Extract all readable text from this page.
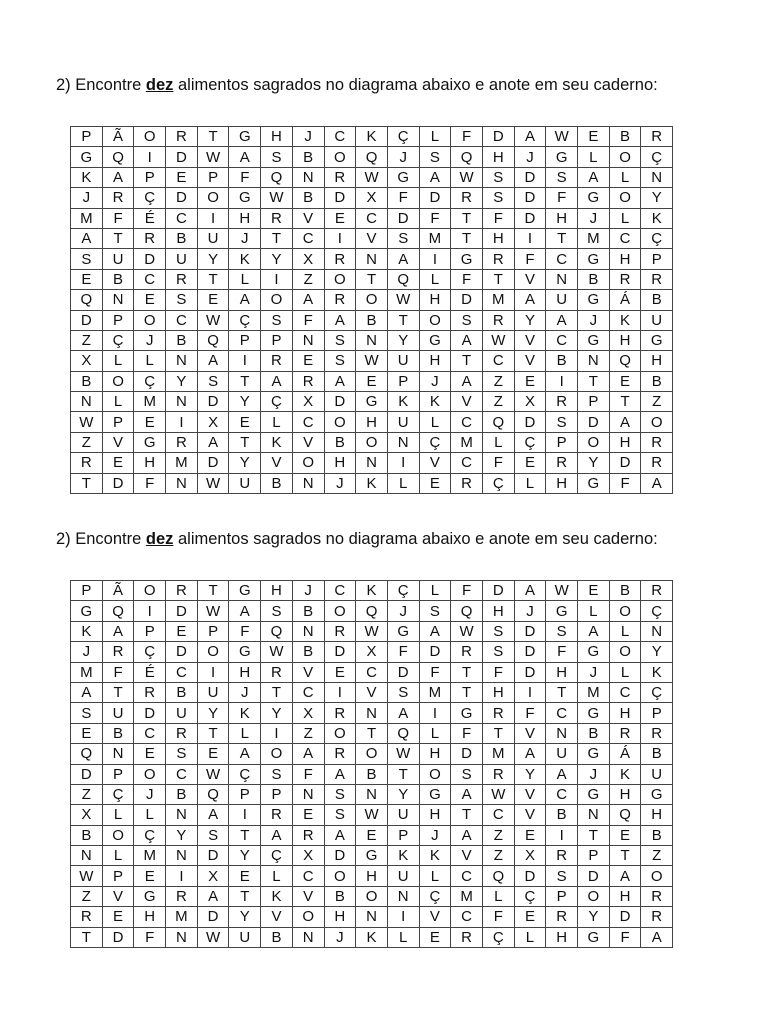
2) Encontre dez alimentos sagrados no diagrama abaixo e anote em seu caderno:
P	Ã	O	R	T	G	H	J	C	K	Ç	L	F	D	A	W	E	B	R
G	Q	I	D	W	A	S	B	O	Q	J	S	Q	H	J	G	L	O	Ç
K	A	P	E	P	F	Q	N	R	W	G	A	W	S	D	S	A	L	N
J	R	Ç	D	O	G	W	B	D	X	F	D	R	S	D	F	G	O	Y
M	F	É	C	I	H	R	V	E	C	D	F	T	F	D	H	J	L	K
A	T	R	B	U	J	T	C	I	V	S	M	T	H	I	T	M	C	Ç
S	U	D	U	Y	K	Y	X	R	N	A	I	G	R	F	C	G	H	P
E	B	C	R	T	L	I	Z	O	T	Q	L	F	T	V	N	B	R	R
Q	N	E	S	E	A	O	A	R	O	W	H	D	M	A	U	G	Á	B
D	P	O	C	W	Ç	S	F	A	B	T	O	S	R	Y	A	J	K	U
Z	Ç	J	B	Q	P	P	N	S	N	Y	G	A	W	V	C	G	H	G
X	L	L	N	A	I	R	E	S	W	U	H	T	C	V	B	N	Q	H
B	O	Ç	Y	S	T	A	R	A	E	P	J	A	Z	E	I	T	E	B
N	L	M	N	D	Y	Ç	X	D	G	K	K	V	Z	X	R	P	T	Z
W	P	E	I	X	E	L	C	O	H	U	L	C	Q	D	S	D	A	O
Z	V	G	R	A	T	K	V	B	O	N	Ç	M	L	Ç	P	O	H	R
R	E	H	M	D	Y	V	O	H	N	I	V	C	F	E	R	Y	D	R
T	D	F	N	W	U	B	N	J	K	L	E	R	Ç	L	H	G	F	A
2) Encontre dez alimentos sagrados no diagrama abaixo e anote em seu caderno:
P	Ã	O	R	T	G	H	J	C	K	Ç	L	F	D	A	W	E	B	R
G	Q	I	D	W	A	S	B	O	Q	J	S	Q	H	J	G	L	O	Ç
K	A	P	E	P	F	Q	N	R	W	G	A	W	S	D	S	A	L	N
J	R	Ç	D	O	G	W	B	D	X	F	D	R	S	D	F	G	O	Y
M	F	É	C	I	H	R	V	E	C	D	F	T	F	D	H	J	L	K
A	T	R	B	U	J	T	C	I	V	S	M	T	H	I	T	M	C	Ç
S	U	D	U	Y	K	Y	X	R	N	A	I	G	R	F	C	G	H	P
E	B	C	R	T	L	I	Z	O	T	Q	L	F	T	V	N	B	R	R
Q	N	E	S	E	A	O	A	R	O	W	H	D	M	A	U	G	Á	B
D	P	O	C	W	Ç	S	F	A	B	T	O	S	R	Y	A	J	K	U
Z	Ç	J	B	Q	P	P	N	S	N	Y	G	A	W	V	C	G	H	G
X	L	L	N	A	I	R	E	S	W	U	H	T	C	V	B	N	Q	H
B	O	Ç	Y	S	T	A	R	A	E	P	J	A	Z	E	I	T	E	B
N	L	M	N	D	Y	Ç	X	D	G	K	K	V	Z	X	R	P	T	Z
W	P	E	I	X	E	L	C	O	H	U	L	C	Q	D	S	D	A	O
Z	V	G	R	A	T	K	V	B	O	N	Ç	M	L	Ç	P	O	H	R
R	E	H	M	D	Y	V	O	H	N	I	V	C	F	E	R	Y	D	R
T	D	F	N	W	U	B	N	J	K	L	E	R	Ç	L	H	G	F	A
